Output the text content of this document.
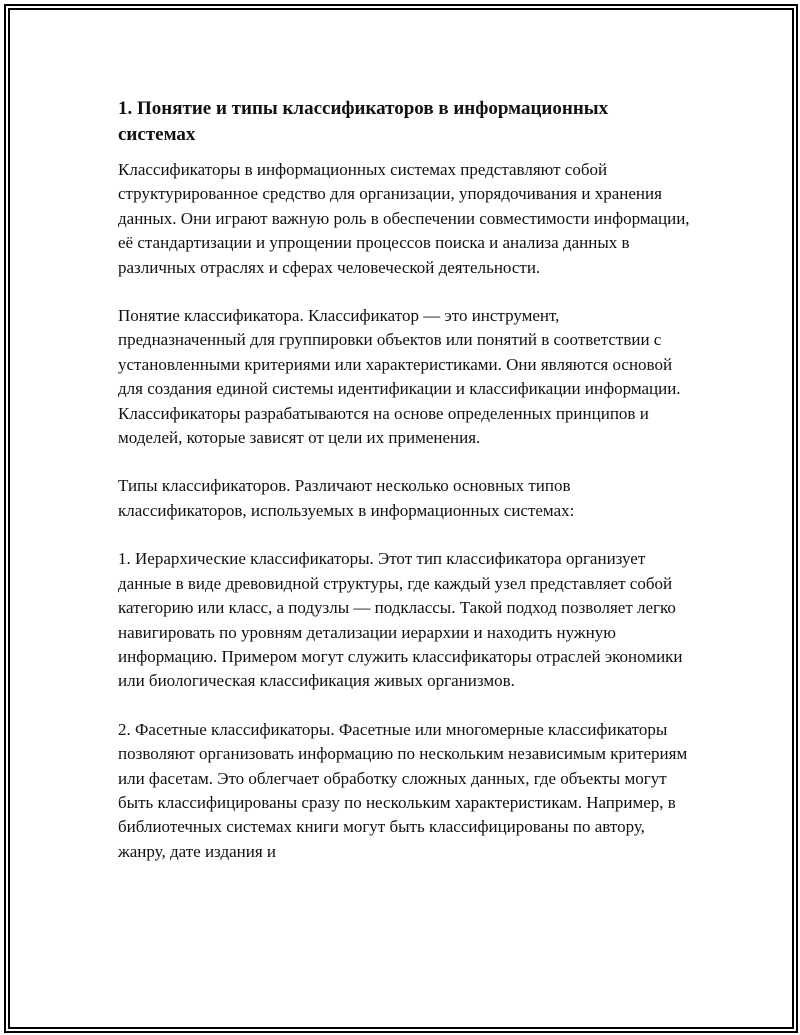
1. Понятие и типы классификаторов в информационных системах

Классификаторы в информационных системах представляют собой структурированное средство для организации, упорядочивания и хранения данных. Они играют важную роль в обеспечении совместимости информации, её стандартизации и упрощении процессов поиска и анализа данных в различных отраслях и сферах человеческой деятельности.

Понятие классификатора. Классификатор — это инструмент, предназначенный для группировки объектов или понятий в соответствии с установленными критериями или характеристиками. Они являются основой для создания единой системы идентификации и классификации информации. Классификаторы разрабатываются на основе определенных принципов и моделей, которые зависят от цели их применения.

Типы классификаторов. Различают несколько основных типов классификаторов, используемых в информационных системах:

1. Иерархические классификаторы. Этот тип классификатора организует данные в виде древовидной структуры, где каждый узел представляет собой категорию или класс, а подузлы — подклассы. Такой подход позволяет легко навигировать по уровням детализации иерархии и находить нужную информацию. Примером могут служить классификаторы отраслей экономики или биологическая классификация живых организмов.

2. Фасетные классификаторы. Фасетные или многомерные классификаторы позволяют организовать информацию по нескольким независимым критериям или фасетам. Это облегчает обработку сложных данных, где объекты могут быть классифицированы сразу по нескольким характеристикам. Например, в библиотечных системах книги могут быть классифицированы по автору, жанру, дате издания и
